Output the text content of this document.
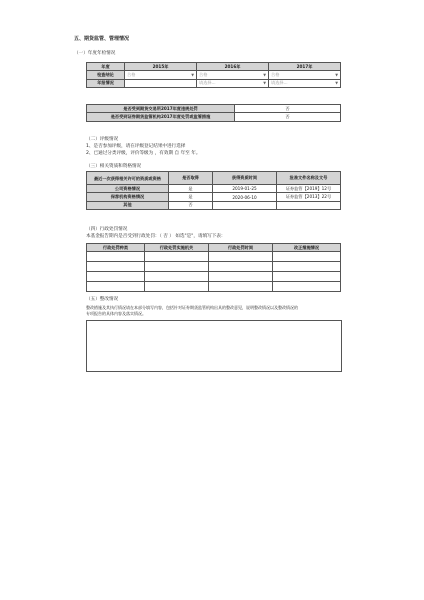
五、期货监管、管理情况
（一）年度年检情况
年度	2015年	2016年	2017年
检查结论	合格 ▼	合格 ▼	合格 ▼

年报情况		请选择... ▼	请选择... ▼
是否受到期货交易所2017年度违规处罚	否
是否受到证券期货监管机构2017年度处罚或监管措施	否
（二）评级情况
1、是否参加评级，请在评级登记结果中进行选择
2、已通过分类评级，评价等级为 ，有效期 自 年至 年。
（三）相关资质和资格情况
最近一次获得相关许可的资质或资格	是否取得	获得资质时间	批准文件名称及文号
公司资格情况	是	2019-01-25	证券监管【2019】12号
保荐机构资格情况	是	2020-06-10	证券监管【2013】22号
其他	否		
（四）行政处罚情况
本基金报告期内是否受到行政处罚：（ 否 ） 如选"是"，请填写下表：
行政处罚种类	行政处罚实施机关	行政处罚时间	改正措施情况

（五）整改情况
整改措施及其执行情况请在本部分填写内容，包括针对证券期货监管机构出具的整改意见，说明整改情况以及整改情况的
专项报告的具体内容及落实情况。
